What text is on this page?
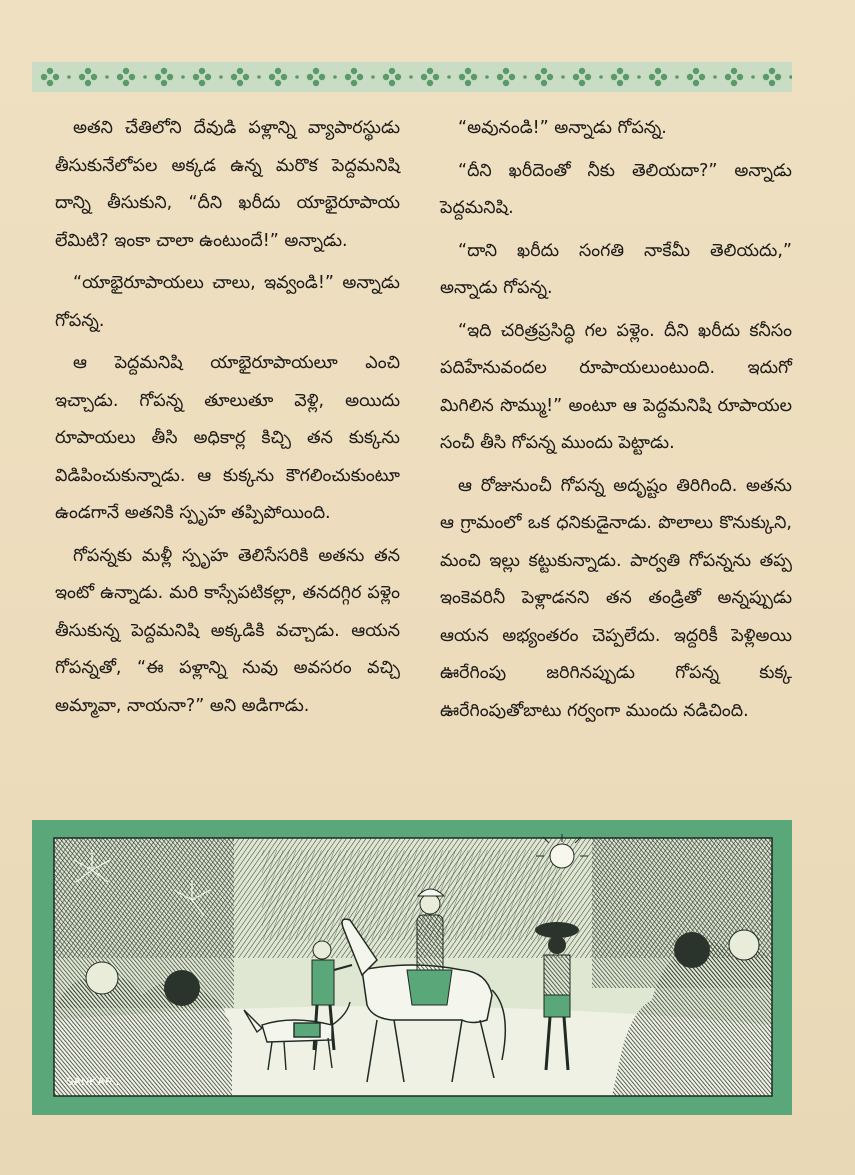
అతని చేతిలోని దేవుడి పళ్లాన్ని వ్యాపారస్థుడు తీసుకునేలోపల అక్కడ ఉన్న మరొక పెద్దమనిషి దాన్ని తీసుకుని, “దీని ఖరీదు యాభైరూపాయ లేమిటి? ఇంకా చాలా ఉంటుందే!” అన్నాడు.

“యాభైరూపాయలు చాలు, ఇవ్వండి!” అన్నాడు గోపన్న.

ఆ పెద్దమనిషి యాభైరూపాయలూ ఎంచి ఇచ్చాడు. గోపన్న తూలుతూ వెళ్లి, అయిదు రూపాయలు తీసి అధికార్ల కిచ్చి తన కుక్కను విడిపించుకున్నాడు. ఆ కుక్కను కౌగలించుకుంటూ ఉండగానే అతనికి స్పృహ తప్పిపోయింది.

గోపన్నకు మళ్లీ స్పృహ తెలిసేసరికి అతను తన ఇంటో ఉన్నాడు. మరి కాస్సేపటికల్లా, తనదగ్గిర పళ్లెం తీసుకున్న పెద్దమనిషి అక్కడికి వచ్చాడు. ఆయన గోపన్నతో, “ఈ పళ్లాన్ని నువు అవసరం వచ్చి అమ్మావా, నాయనా?” అని అడిగాడు.

“అవునండి!” అన్నాడు గోపన్న.

“దీని ఖరీదెంతో నీకు తెలియదా?” అన్నాడు పెద్దమనిషి.

“దాని ఖరీదు సంగతి నాకేమీ తెలియదు,” అన్నాడు గోపన్న.

“ఇది చరిత్రప్రసిద్ధి గల పళ్లెం. దీని ఖరీదు కనీసం పదిహేనువందల రూపాయలుంటుంది. ఇదుగో మిగిలిన సొమ్ము!” అంటూ ఆ పెద్దమనిషి రూపాయల సంచీ తీసి గోపన్న ముందు పెట్టాడు.

ఆ రోజునుంచీ గోపన్న అదృష్టం తిరిగింది. అతను ఆ గ్రామంలో ఒక ధనికుడైనాడు. పొలాలు కొనుక్కుని, మంచి ఇల్లు కట్టుకున్నాడు. పార్వతి గోపన్నను తప్ప ఇంకెవరినీ పెళ్లాడనని తన తండ్రితో అన్నప్పుడు ఆయన అభ్యంతరం చెప్పలేదు. ఇద్దరికీ పెళ్లిఅయి ఊరేగింపు జరిగినప్పుడు గోపన్న కుక్క ఊరేగింపుతోబాటు గర్వంగా ముందు నడిచింది.

SANKAR..
